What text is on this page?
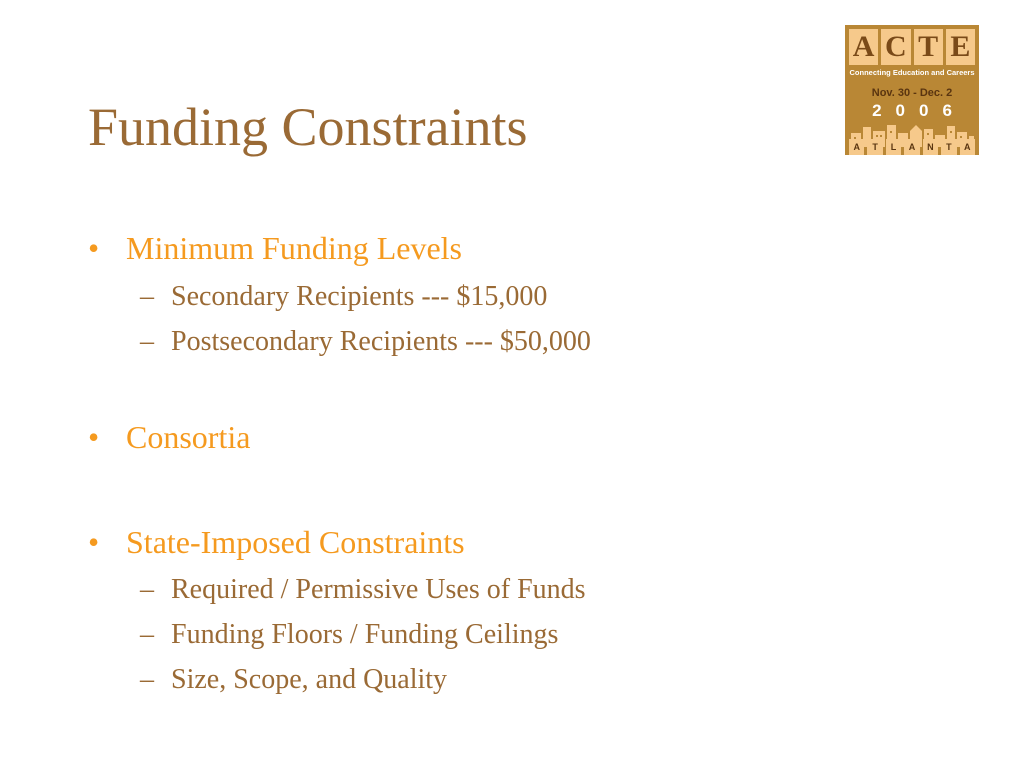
Funding Constraints
• Minimum Funding Levels
– Secondary Recipients --- $15,000
– Postsecondary Recipients --- $50,000
• Consortia
• State-Imposed Constraints
– Required / Permissive Uses of Funds
– Funding Floors / Funding Ceilings
– Size, Scope, and Quality
A C T E
Connecting Education and Careers
Nov. 30 - Dec. 2
2006
A	T	L	A	N	T	A
